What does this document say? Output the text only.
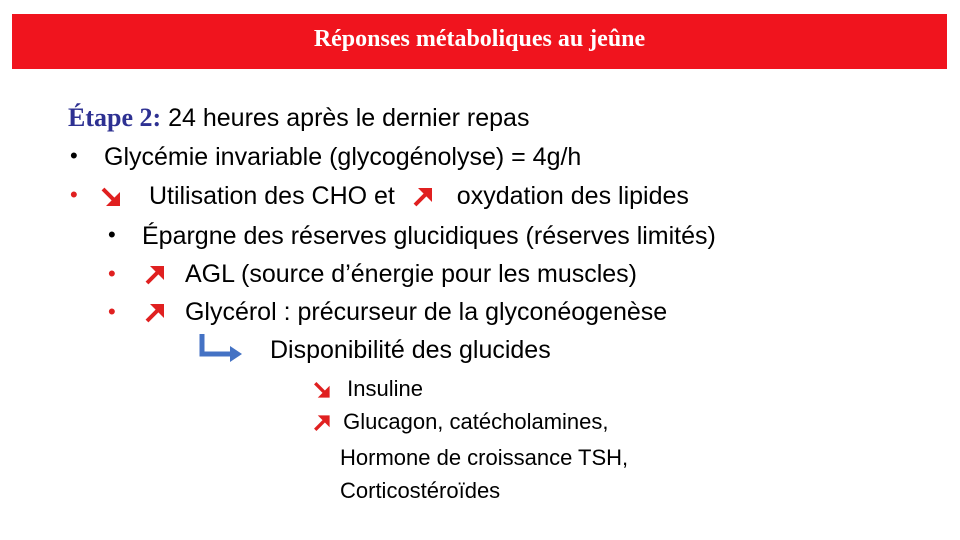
Réponses métaboliques au jeûne
Étape 2: 24 heures après le dernier repas
• Glycémie invariable (glycogénolyse) = 4g/h
•	Utilisation des CHO et oxydation des lipides
• Épargne des réserves glucidiques (réserves limités)
•	AGL (source d’énergie pour les muscles)
•	Glycérol : précurseur de la glyconéogenèse
Disponibilité des glucides
Insuline
Glucagon, catécholamines,
Hormone de croissance TSH,
Corticostéroïdes
